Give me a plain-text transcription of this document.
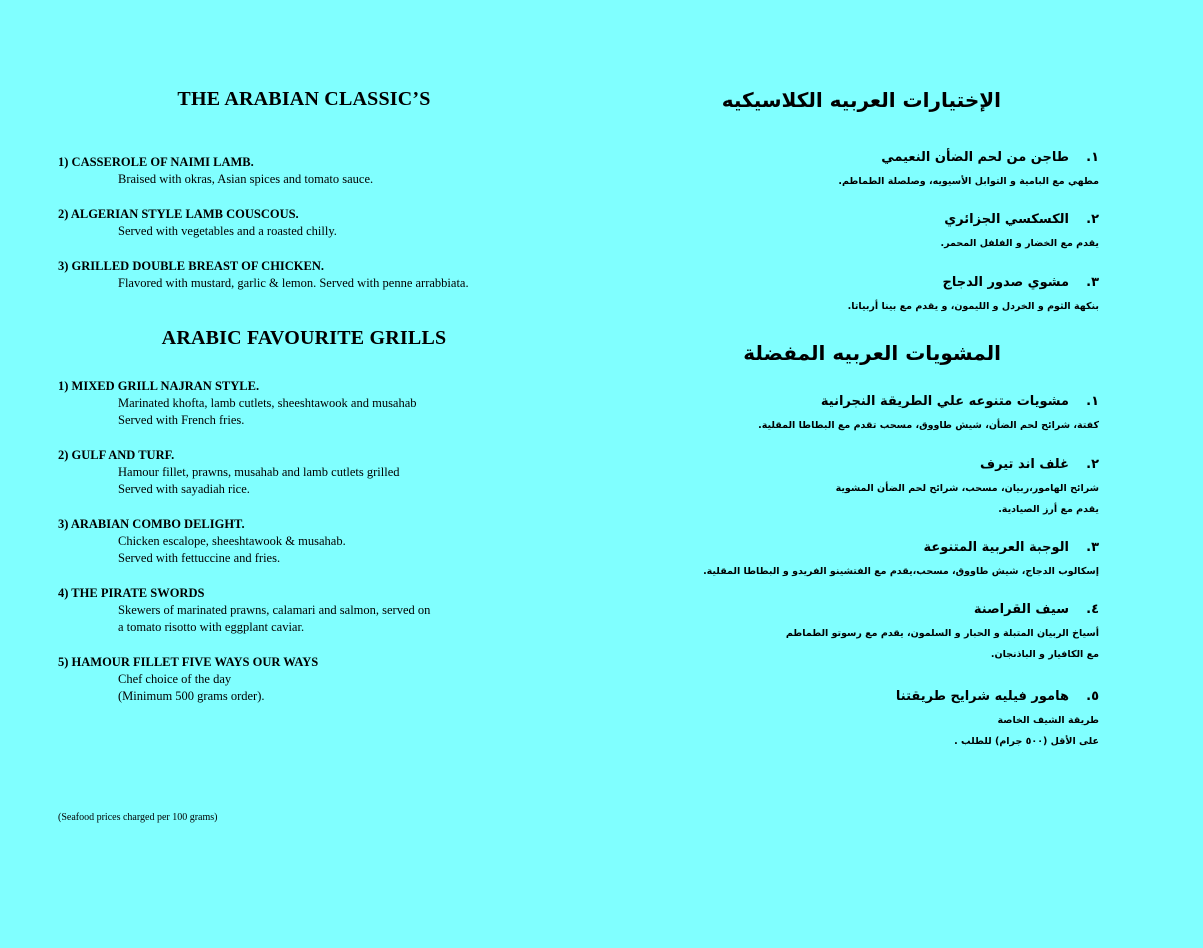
THE ARABIAN CLASSIC’S

1) CASSEROLE OF NAIMI LAMB.

Braised with okras, Asian spices and tomato sauce.

2) ALGERIAN STYLE LAMB COUSCOUS.

Served with vegetables and a roasted chilly.

3) GRILLED DOUBLE BREAST OF CHICKEN.

Flavored with mustard, garlic & lemon. Served with penne arrabbiata.

ARABIC FAVOURITE GRILLS

1) MIXED GRILL NAJRAN STYLE.

Marinated khofta, lamb cutlets, sheeshtawook and musahab

Served with French fries.

2) GULF AND TURF.

Hamour fillet, prawns, musahab and lamb cutlets grilled

Served with sayadiah rice.

3) ARABIAN COMBO DELIGHT.

Chicken escalope, sheeshtawook & musahab.

Served with fettuccine and fries.

4) THE PIRATE SWORDS

Skewers of marinated prawns, calamari and salmon, served on

a tomato risotto with eggplant caviar.

5) HAMOUR FILLET FIVE WAYS OUR WAYS

Chef choice of the day

(Minimum 500 grams order).

(Seafood prices charged per 100 grams)

الإختيارات العربيه الكلاسيكيه

١.طاجن من لحم الضأن النعيمي

مطهي مع البامية و التوابل الأسيويه، وصلصلة الطماطم.

٢.الكسكسي الجزائري

يقدم مع الخضار و الفلفل المحمر.

٣.مشوي صدور الدجاج

بنكهة الثوم و الخردل و الليمون، و يقدم مع بينا أربياتا.

المشويات العربيه المفضلة

١.مشويات متنوعه علي الطريقة النجرانية

كفتة، شرائح لحم الضأن، شيش طاووق، مسحب تقدم مع البطاطا المقلية.

٢.غلف اند تيرف

شرائح الهامور،ربيان، مسحب، شرائح لحم الضأن المشوية

يقدم مع أرز الصيادية.

٣.الوجبة العربية المتنوعة

إسكالوب الدجاج، شيش طاووق، مسحب،يقدم مع الفتشينو الفريدو و البطاطا المقلية.

٤.سيف القراصنة

أسياخ الربيان المتبلة و الحبار و السلمون، يقدم مع رسوتو الطماطم

مع الكافيار و الباذنجان.

٥.هامور فيليه شرايح طريقتنا

طريقة الشيف الخاصة

على الأقل (٥٠٠ جرام) للطلب .
